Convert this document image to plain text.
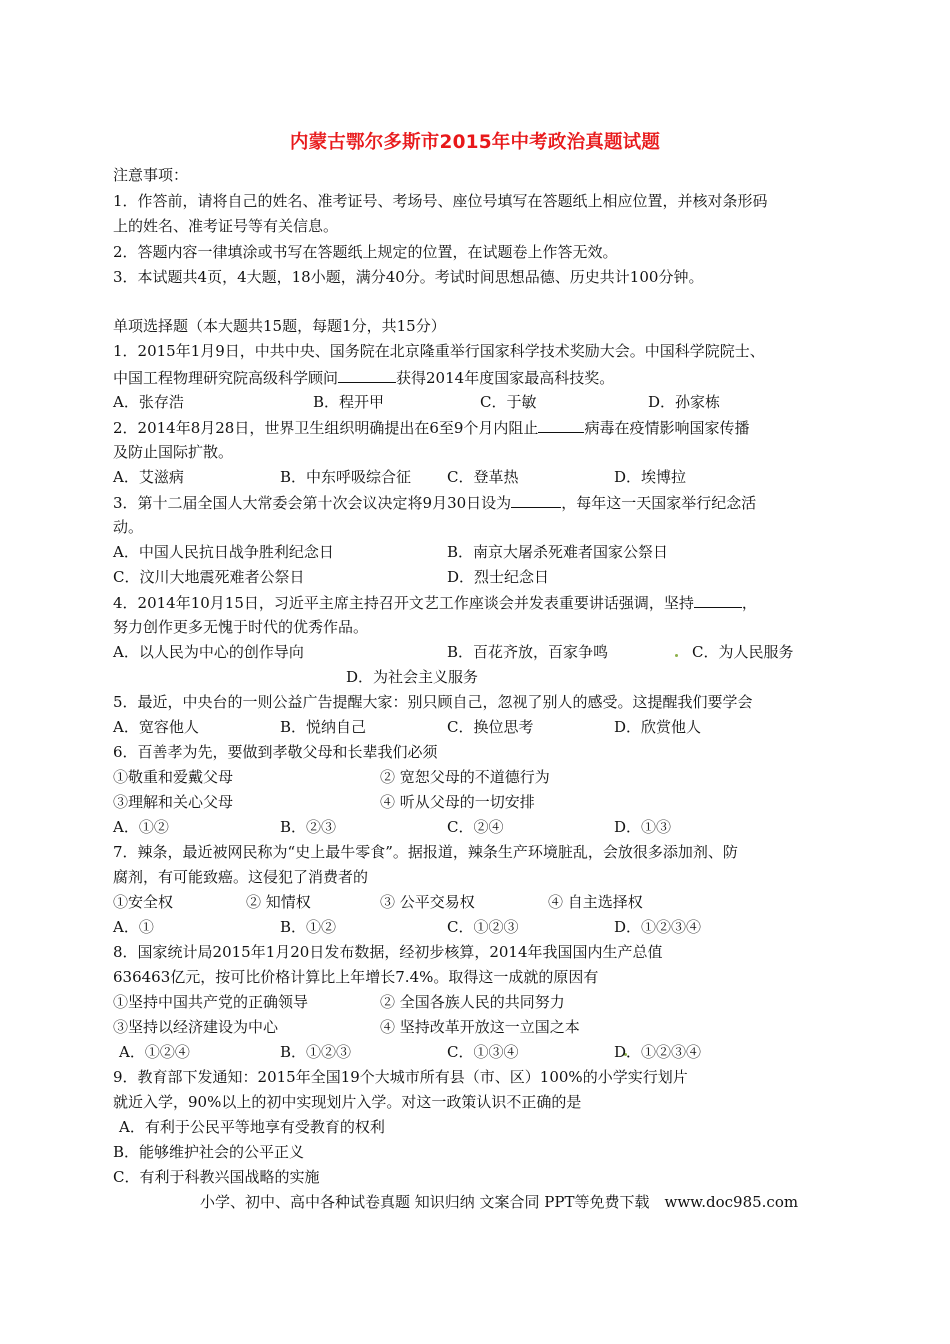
内蒙古鄂尔多斯市2015年中考政治真题试题
注意事项：
1．作答前，请将自己的姓名、准考证号、考场号、座位号填写在答题纸上相应位置，并核对条形码
上的姓名、准考证号等有关信息。
2．答题内容一律填涂或书写在答题纸上规定的位置，在试题卷上作答无效。
3．本试题共4页，4大题，18小题，满分40分。考试时间思想品德、历史共计100分钟。
单项选择题（本大题共15题，每题1分，共15分）
1．2015年1月9日，中共中央、国务院在北京隆重举行国家科学技术奖励大会。中国科学院院士、
中国工程物理研究院高级科学顾问	获得2014年度国家最高科技奖。
A．张存浩	B．程开甲	C．于敏	D．孙家栋
2．2014年8月28日，世界卫生组织明确提出在6至9个月内阻止	病毒在疫情影响国家传播
及防止国际扩散。
A．艾滋病	B．中东呼吸综合征 C．登革热	D．埃博拉
3．第十二届全国人大常委会第十次会议决定将9月30日设为	，每年这一天国家举行纪念活
动。
A．中国人民抗日战争胜利纪念日	B．南京大屠杀死难者国家公祭日
C．汶川大地震死难者公祭日	D．烈士纪念日
4．2014年10月15日，习近平主席主持召开文艺工作座谈会并发表重要讲话强调，坚持	，
努力创作更多无愧于时代的优秀作品。
A．以人民为中心的创作导向	B．百花齐放，百家争鸣	C．为人民服务
D．为社会主义服务
5．最近，中央台的一则公益广告提醒大家：别只顾自己，忽视了别人的感受。这提醒我们要学会
A．宽容他人	B．悦纳自己	C．换位思考	D．欣赏他人
6．百善孝为先，要做到孝敬父母和长辈我们必须
①敬重和爱戴父母	② 宽恕父母的不道德行为
③理解和关心父母	④ 听从父母的一切安排
A．①②	B．②③	C．②④	D．①③
7．辣条，最近被网民称为“史上最牛零食”。据报道，辣条生产环境脏乱，会放很多添加剂、防
腐剂，有可能致癌。这侵犯了消费者的
①安全权	② 知情权	③ 公平交易权	④ 自主选择权
A．①	B．①②	C．①②③	D．①②③④
8．国家统计局2015年1月20日发布数据，经初步核算，2014年我国国内生产总值
636463亿元，按可比价格计算比上年增长7.4%。取得这一成就的原因有
①坚持中国共产党的正确领导	② 全国各族人民的共同努力
③坚持以经济建设为中心	④ 坚持改革开放这一立国之本
A．①②④	B．①②③	C．①③④	D．①②③④
9．教育部下发通知：2015年全国19个大城市所有县（市、区）100%的小学实行划片
就近入学，90%以上的初中实现划片入学。对这一政策认识不正确的是
A．有利于公民平等地享有受教育的权利
B．能够维护社会的公平正义
C．有利于科教兴国战略的实施
小学、初中、高中各种试卷真题 知识归纳 文案合同 PPT等免费下载　www.doc985.com
